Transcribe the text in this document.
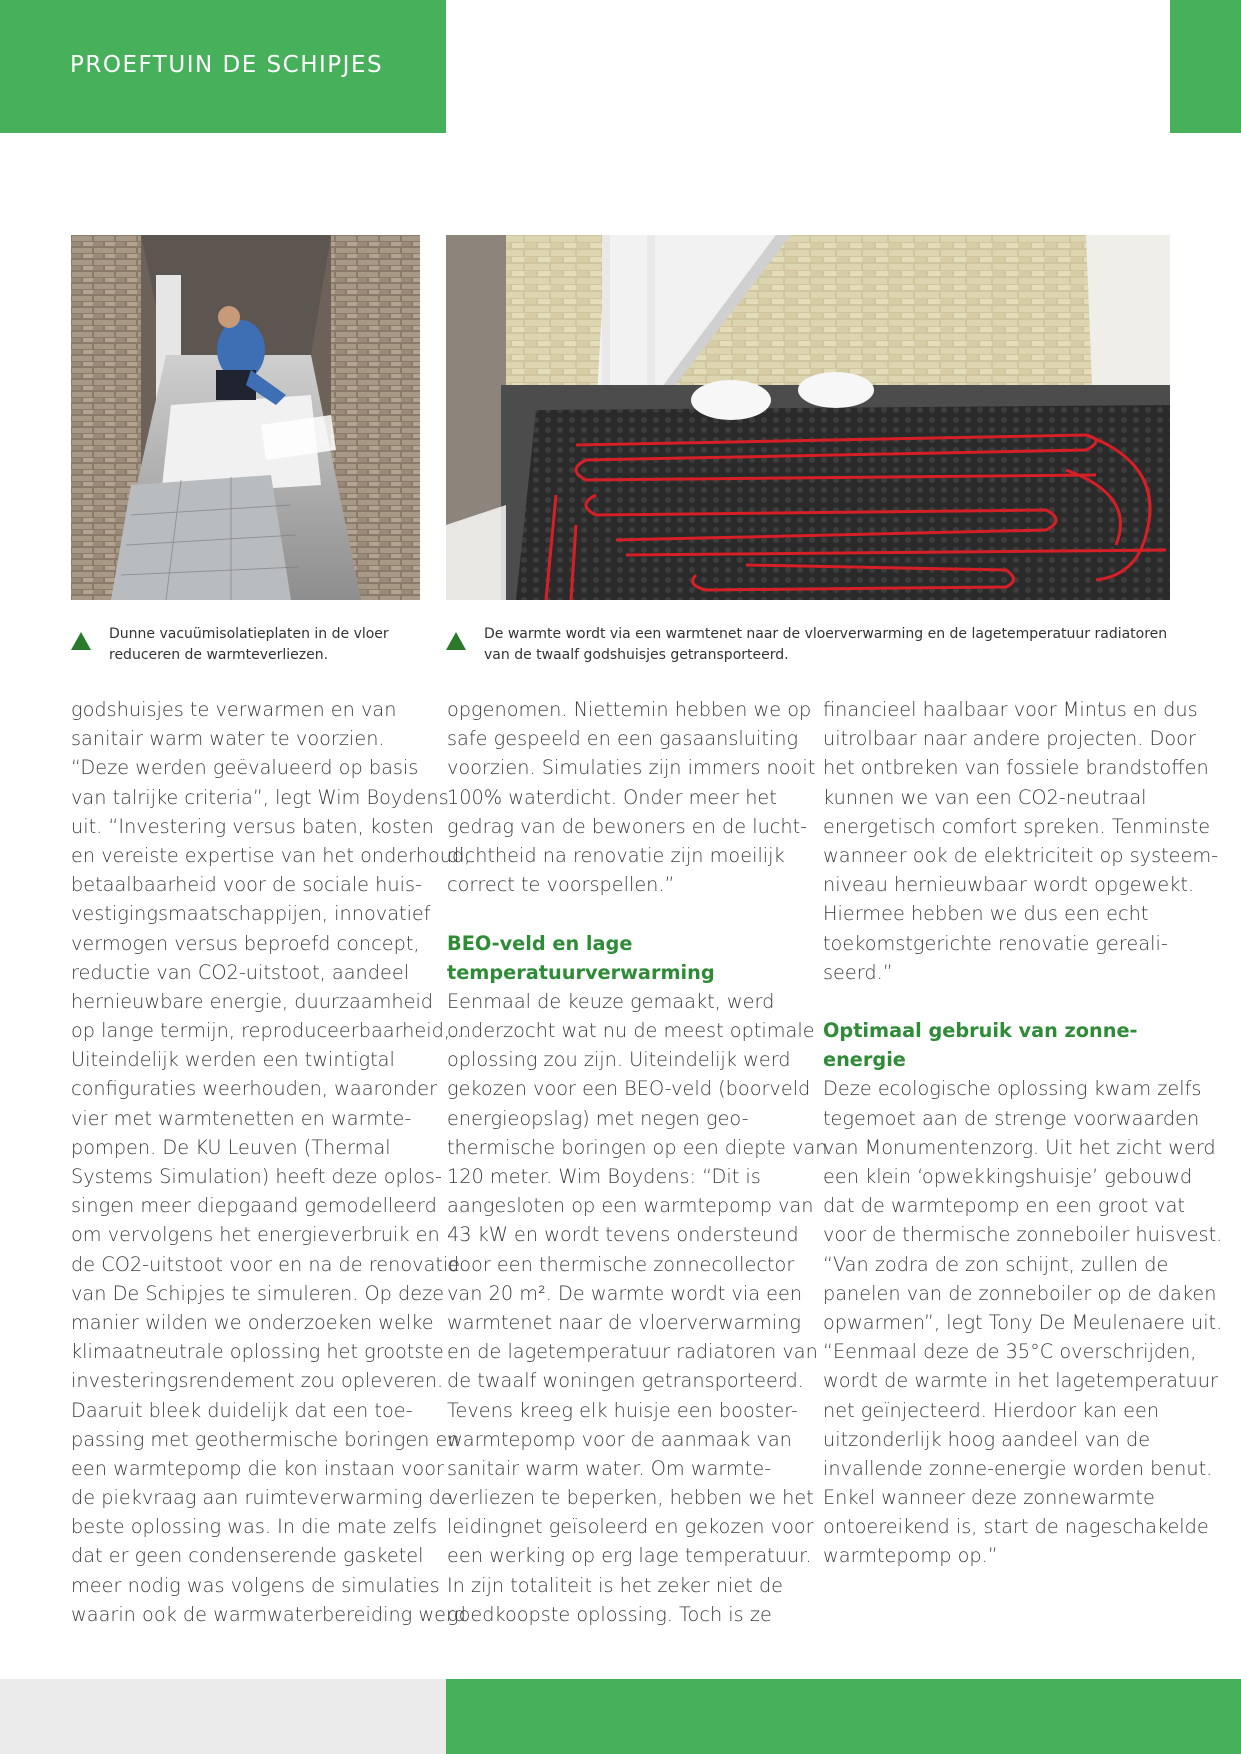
PROEFTUIN DE SCHIPJES
Dunne vacuümisolatieplaten in de vloer reduceren de warmteverliezen.
De warmte wordt via een warmtenet naar de vloerverwarming en de lagetemperatuur radiatoren van de twaalf godshuisjes getransporteerd.
godshuisjes te verwarmen en van
sanitair warm water te voorzien.
“Deze werden geëvalueerd op basis
van talrijke criteria”, legt Wim Boydens
uit. “Investering versus baten, kosten
en vereiste expertise van het onderhoud,
betaalbaarheid voor de sociale huis-
vestigingsmaatschappijen, innovatief
vermogen versus beproefd concept,
reductie van CO2-uitstoot, aandeel
hernieuwbare energie, duurzaamheid
op lange termijn, reproduceerbaarheid,…
Uiteindelijk werden een twintigtal
configuraties weerhouden, waaronder
vier met warmtenetten en warmte-
pompen. De KU Leuven (Thermal
Systems Simulation) heeft deze oplos-
singen meer diepgaand gemodelleerd
om vervolgens het energieverbruik en
de CO2-uitstoot voor en na de renovatie
van De Schipjes te simuleren. Op deze
manier wilden we onderzoeken welke
klimaatneutrale oplossing het grootste
investeringsrendement zou opleveren.
Daaruit bleek duidelijk dat een toe-
passing met geothermische boringen en
een warmtepomp die kon instaan voor
de piekvraag aan ruimteverwarming de
beste oplossing was. In die mate zelfs
dat er geen condenserende gasketel
meer nodig was volgens de simulaties
waarin ook de warmwaterbereiding werd
opgenomen. Niettemin hebben we op
safe gespeeld en een gasaansluiting
voorzien. Simulaties zijn immers nooit
100% waterdicht. Onder meer het
gedrag van de bewoners en de lucht-
dichtheid na renovatie zijn moeilijk
correct te voorspellen.”
BEO-veld en lage
temperatuurverwarming
Eenmaal de keuze gemaakt, werd
onderzocht wat nu de meest optimale
oplossing zou zijn. Uiteindelijk werd
gekozen voor een BEO-veld (boorveld
energieopslag) met negen geo-
thermische boringen op een diepte van
120 meter. Wim Boydens: “Dit is
aangesloten op een warmtepomp van
43 kW en wordt tevens ondersteund
door een thermische zonnecollector
van 20 m². De warmte wordt via een
warmtenet naar de vloerverwarming
en de lagetemperatuur radiatoren van
de twaalf woningen getransporteerd.
Tevens kreeg elk huisje een booster-
warmtepomp voor de aanmaak van
sanitair warm water. Om warmte-
verliezen te beperken, hebben we het
leidingnet geïsoleerd en gekozen voor
een werking op erg lage temperatuur.
In zijn totaliteit is het zeker niet de
goedkoopste oplossing. Toch is ze
financieel haalbaar voor Mintus en dus
uitrolbaar naar andere projecten. Door
het ontbreken van fossiele brandstoffen
kunnen we van een CO2-neutraal
energetisch comfort spreken. Tenminste
wanneer ook de elektriciteit op systeem-
niveau hernieuwbaar wordt opgewekt.
Hiermee hebben we dus een echt
toekomstgerichte renovatie gereali-
seerd.”
Optimaal gebruik van zonne-
energie
Deze ecologische oplossing kwam zelfs
tegemoet aan de strenge voorwaarden
van Monumentenzorg. Uit het zicht werd
een klein ‘opwekkingshuisje’ gebouwd
dat de warmtepomp en een groot vat
voor de thermische zonneboiler huisvest.
“Van zodra de zon schijnt, zullen de
panelen van de zonneboiler op de daken
opwarmen”, legt Tony De Meulenaere uit.
“Eenmaal deze de 35°C overschrijden,
wordt de warmte in het lagetemperatuur
net geïnjecteerd. Hierdoor kan een
uitzonderlijk hoog aandeel van de
invallende zonne-energie worden benut.
Enkel wanneer deze zonnewarmte
ontoereikend is, start de nageschakelde
warmtepomp op.”
